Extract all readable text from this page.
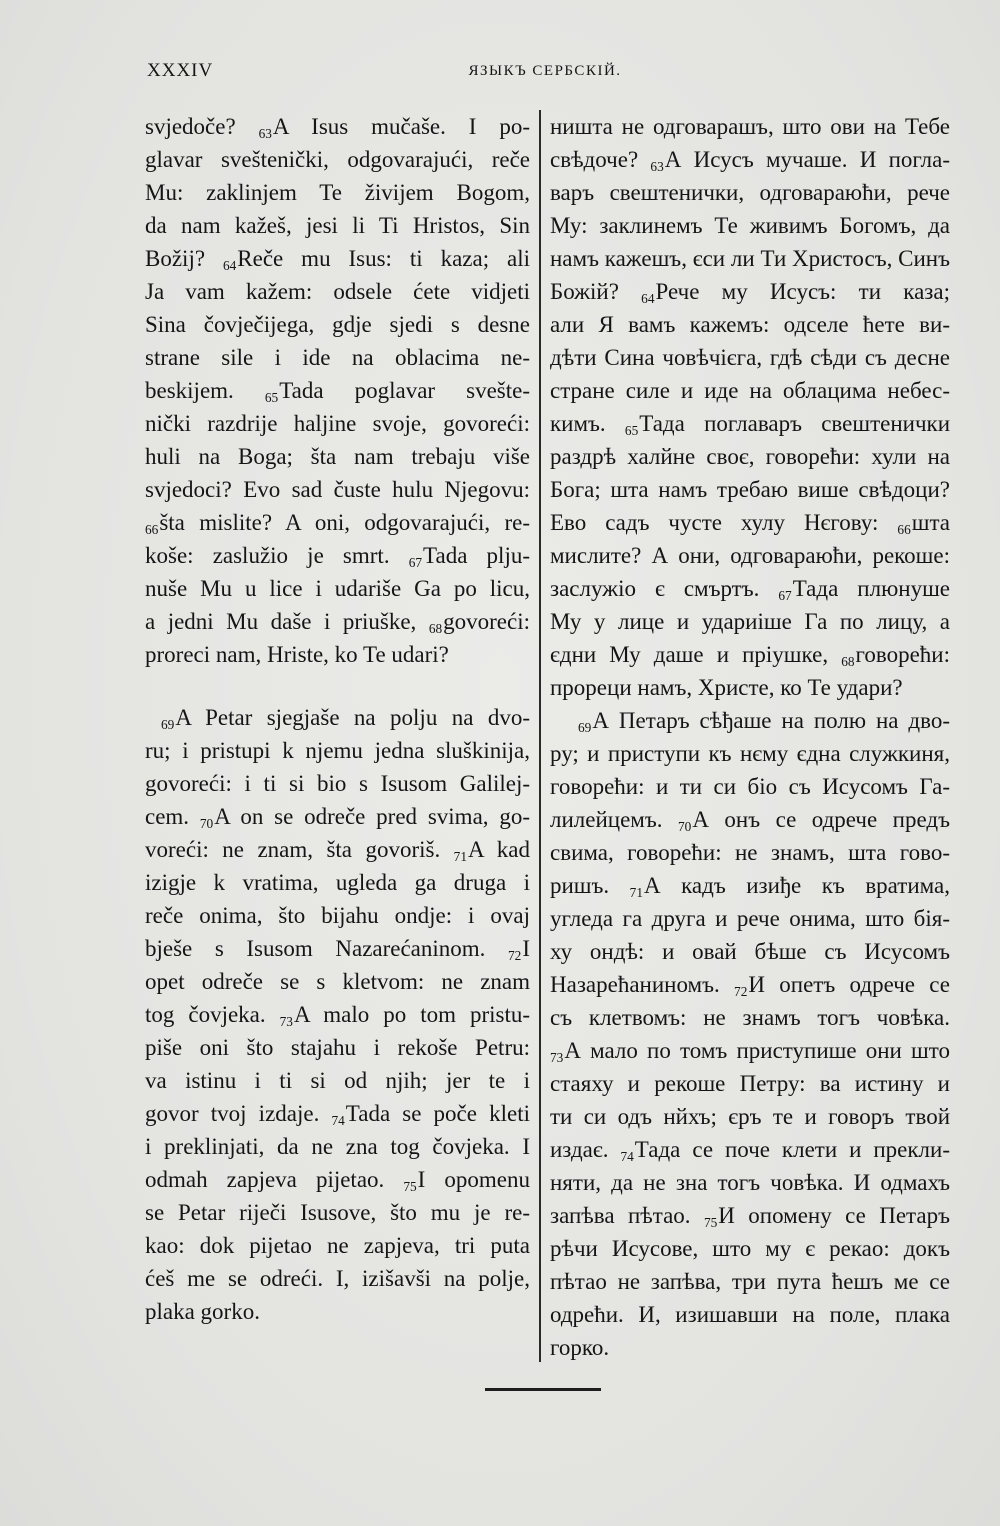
XXXIV	ЯЗЫКЪ СЕРБСКІЙ.
svjedoče? 63A Isus mučaše. I po-
glavar sveštenički, odgovarajući, reče
Mu: zaklinjem Te živijem Bogom,
da nam kažeš, jesi li Ti Hristos, Sin
Božij? 64Reče mu Isus: ti kaza; ali
Ja vam kažem: odsele ćete vidjeti
Sina čovječijega, gdje sjedi s desne
strane sile i ide na oblacima ne-
beskijem. 65Tada poglavar svešte-
nički razdrije haljine svoje, govoreći:
huli na Boga; šta nam trebaju više
svjedoci? Evo sad čuste hulu Njegovu:
66šta mislite? A oni, odgovarajući, re-
koše: zaslužio je smrt. 67Tada plju-
nuše Mu u lice i udariše Ga po licu,
a jedni Mu daše i priuške, 68govoreći:
proreci nam, Hriste, ko Te udari?
69A Petar sjegjaše na polju na dvo-
ru; i pristupi k njemu jedna sluškinija,
govoreći: i ti si bio s Isusom Galilej-
cem. 70A on se odreče pred svima, go-
voreći: ne znam, šta govoriš. 71A kad
izigje k vratima, ugleda ga druga i
reče onima, što bijahu ondje: i ovaj
bješe s Isusom Nazarećaninom. 72I
opet odreče se s kletvom: ne znam
tog čovjeka. 73A malo po tom pristu-
piše oni što stajahu i rekoše Petru:
va istinu i ti si od njih; jer te i
govor tvoj izdaje. 74Tada se poče kleti
i preklinjati, da ne zna tog čovjeka. I
odmah zapjeva pijetao. 75I opomenu
se Petar riječi Isusove, što mu je re-
kao: dok pijetao ne zapjeva, tri puta
ćeš me se odreći. I, izišavši na polje,
plaka gorko.
ништа не одговарашъ, што ови на Тебе
свѣдоче? 63А Исусъ мучаше. И погла-
варъ свештенички, одговараюћи, рече
Му: заклинемъ Те живимъ Богомъ, да
намъ кажешъ, єси ли Ти Христосъ, Синъ
Божій? 64Рече му Исусъ: ти каза;
али Я вамъ кажемъ: одселе ћете ви-
дѣти Сина човѣчієга, гдѣ сѣди съ десне
стране силе и иде на облацима небес-
кимъ. 65Тада поглаваръ свештенички
раздрѣ халйне своє, говорећи: хули на
Бога; шта намъ требаю више свѣдоци?
Ево садъ чусте хулу Нєгову: 66шта
мислите? А они, одговараюћи, рекоше:
заслужіо є смъртъ. 67Тада плюнуше
Му у лице и удариіше Га по лицу, а
єдни Му даше и пріушке, 68говорећи:
прореци намъ, Христе, ко Те удари?
69А Петаръ сѣђаше на полю на дво-
ру; и приступи къ нєму єдна служкиня,
говорећи: и ти си біо съ Исусомъ Га-
лилейцемъ. 70А онъ се одрече предъ
свима, говорећи: не знамъ, шта гово-
ришъ. 71А кадъ изиђе къ вратима,
угледа га друга и рече онима, што бія-
ху ондѣ: и овай бѣше съ Исусомъ
Назарећаниномъ. 72И опетъ одрече се
съ клетвомъ: не знамъ тогъ човѣка.
73А мало по томъ приступише они што
стаяху и рекоше Петру: ва истину и
ти си одъ нйхъ; єръ те и говоръ твой
издає. 74Тада се поче клети и прекли-
няти, да не зна тогъ човѣка. И одмахъ
запѣва пѣтао. 75И опомену се Петаръ
рѣчи Исусове, што му є рекао: докъ
пѣтао не запѣва, три пута ћешъ ме се
одрећи. И, изишавши на поле, плака
горко.
